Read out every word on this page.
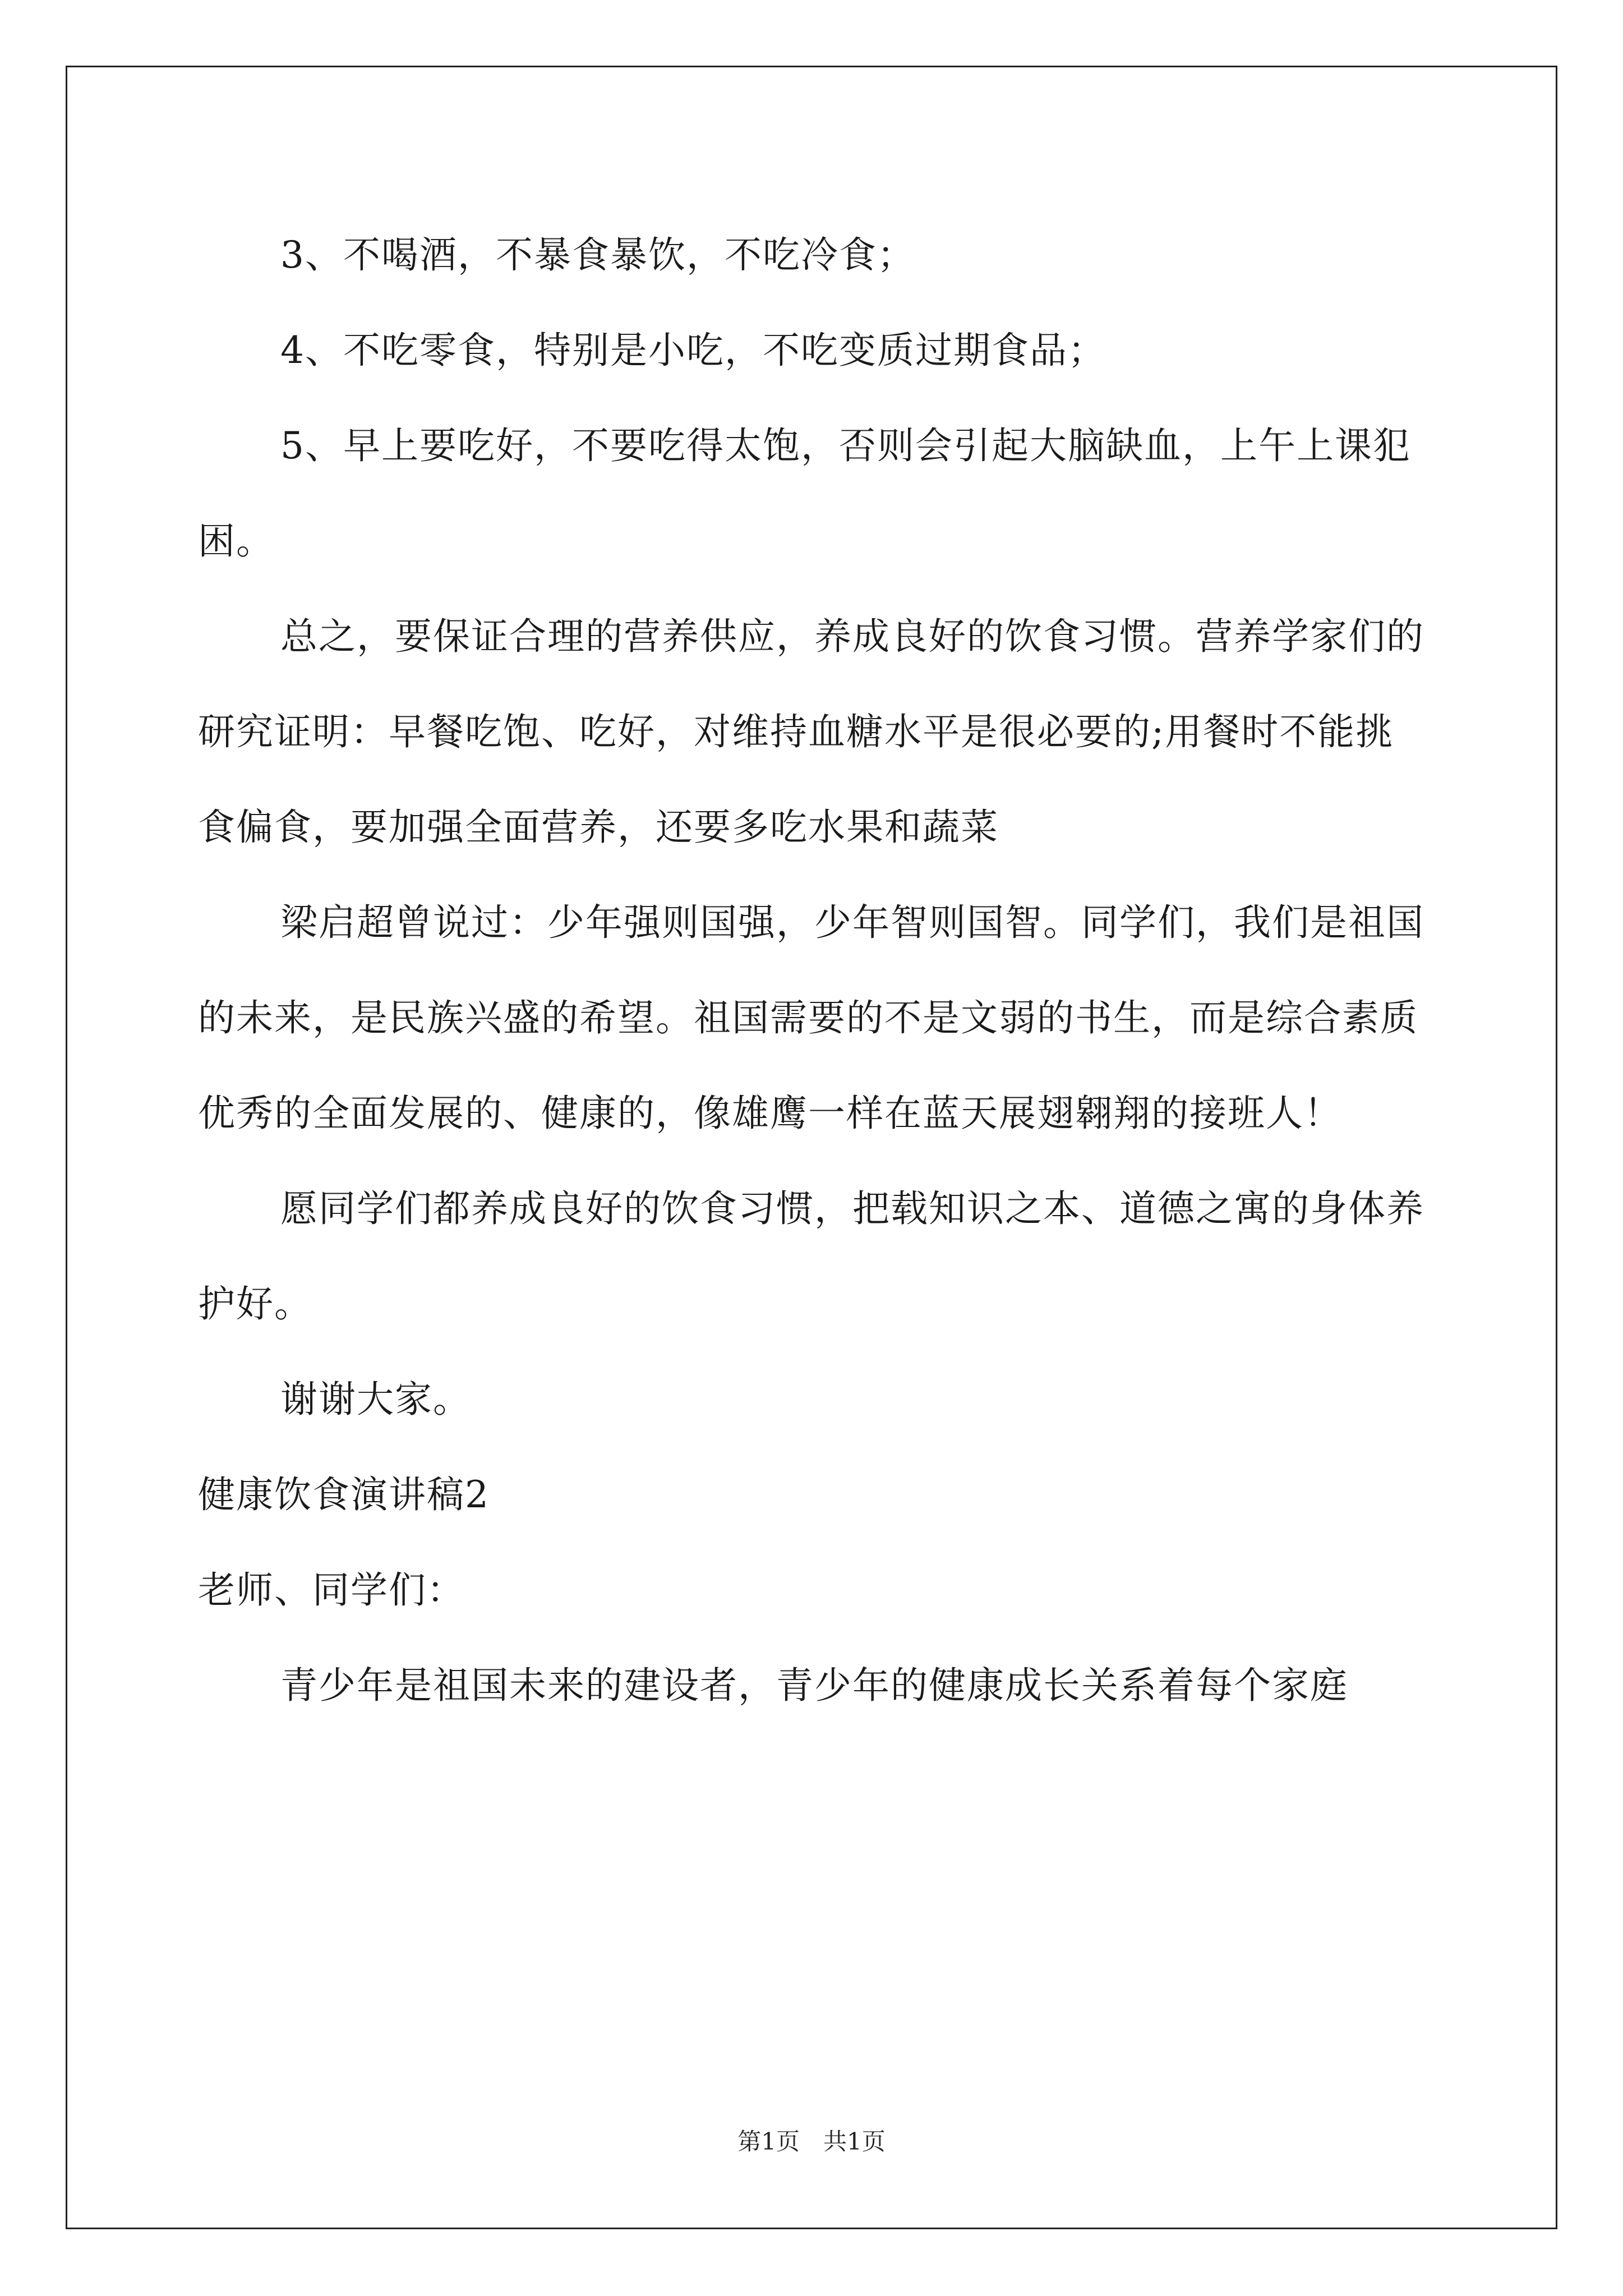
3、不喝酒，不暴食暴饮，不吃冷食；

4、不吃零食，特别是小吃，不吃变质过期食品；

5、早上要吃好，不要吃得太饱，否则会引起大脑缺血，上午上课犯困。

总之，要保证合理的营养供应，养成良好的饮食习惯。营养学家们的研究证明：早餐吃饱、吃好，对维持血糖水平是很必要的;用餐时不能挑食偏食，要加强全面营养，还要多吃水果和蔬菜

梁启超曾说过：少年强则国强，少年智则国智。同学们，我们是祖国的未来，是民族兴盛的希望。祖国需要的不是文弱的书生，而是综合素质优秀的全面发展的、健康的，像雄鹰一样在蓝天展翅翱翔的接班人！

愿同学们都养成良好的饮食习惯，把载知识之本、道德之寓的身体养护好。

谢谢大家。

健康饮食演讲稿2

老师、同学们：

青少年是祖国未来的建设者，青少年的健康成长关系着每个家庭

第1页　共1页
